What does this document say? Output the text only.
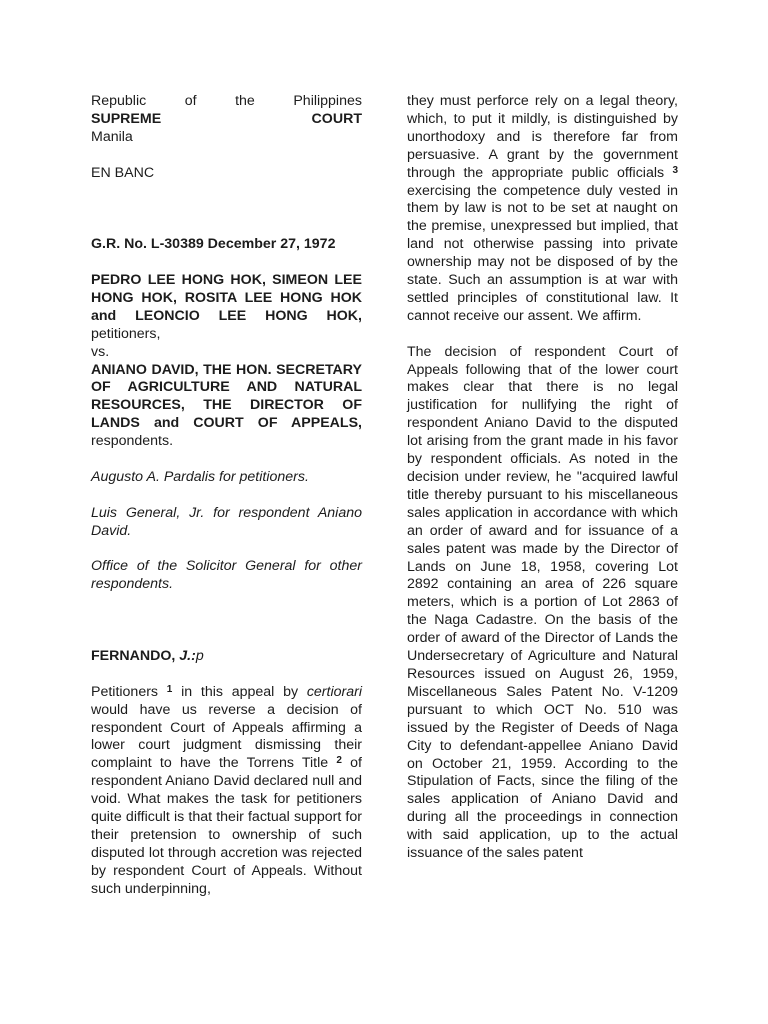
Republic	of	the	Philippines
SUPREME	COURT
Manila
EN BANC
G.R. No. L-30389 December 27, 1972

PEDRO LEE HONG HOK, SIMEON LEE HONG HOK, ROSITA LEE HONG HOK and LEONCIO LEE HONG HOK, petitioners,

vs.

ANIANO DAVID, THE HON. SECRETARY OF AGRICULTURE AND NATURAL RESOURCES, THE DIRECTOR OF LANDS and COURT OF APPEALS, respondents.

Augusto A. Pardalis for petitioners.

Luis General, Jr. for respondent Aniano David.

Office of the Solicitor General for other respondents.

FERNANDO, J.:p

Petitioners $^1$ in this appeal by certiorari would have us reverse a decision of respondent Court of Appeals affirming a lower court judgment dismissing their complaint to have the Torrens Title $^2$ of respondent Aniano David declared null and void. What makes the task for petitioners quite difficult is that their factual support for their pretension to ownership of such disputed lot through accretion was rejected by respondent Court of Appeals. Without such underpinning,

they must perforce rely on a legal theory, which, to put it mildly, is distinguished by unorthodoxy and is therefore far from persuasive. A grant by the government through the appropriate public officials $^3$ exercising the competence duly vested in them by law is not to be set at naught on the premise, unexpressed but implied, that land not otherwise passing into private ownership may not be disposed of by the state. Such an assumption is at war with settled principles of constitutional law. It cannot receive our assent. We affirm.

The decision of respondent Court of Appeals following that of the lower court makes clear that there is no legal justification for nullifying the right of respondent Aniano David to the disputed lot arising from the grant made in his favor by respondent officials. As noted in the decision under review, he "acquired lawful title thereby pursuant to his miscellaneous sales application in accordance with which an order of award and for issuance of a sales patent was made by the Director of Lands on June 18, 1958, covering Lot 2892 containing an area of 226 square meters, which is a portion of Lot 2863 of the Naga Cadastre. On the basis of the order of award of the Director of Lands the Undersecretary of Agriculture and Natural Resources issued on August 26, 1959, Miscellaneous Sales Patent No. V-1209 pursuant to which OCT No. 510 was issued by the Register of Deeds of Naga City to defendant-appellee Aniano David on October 21, 1959. According to the Stipulation of Facts, since the filing of the sales application of Aniano David and during all the proceedings in connection with said application, up to the actual issuance of the sales patent
